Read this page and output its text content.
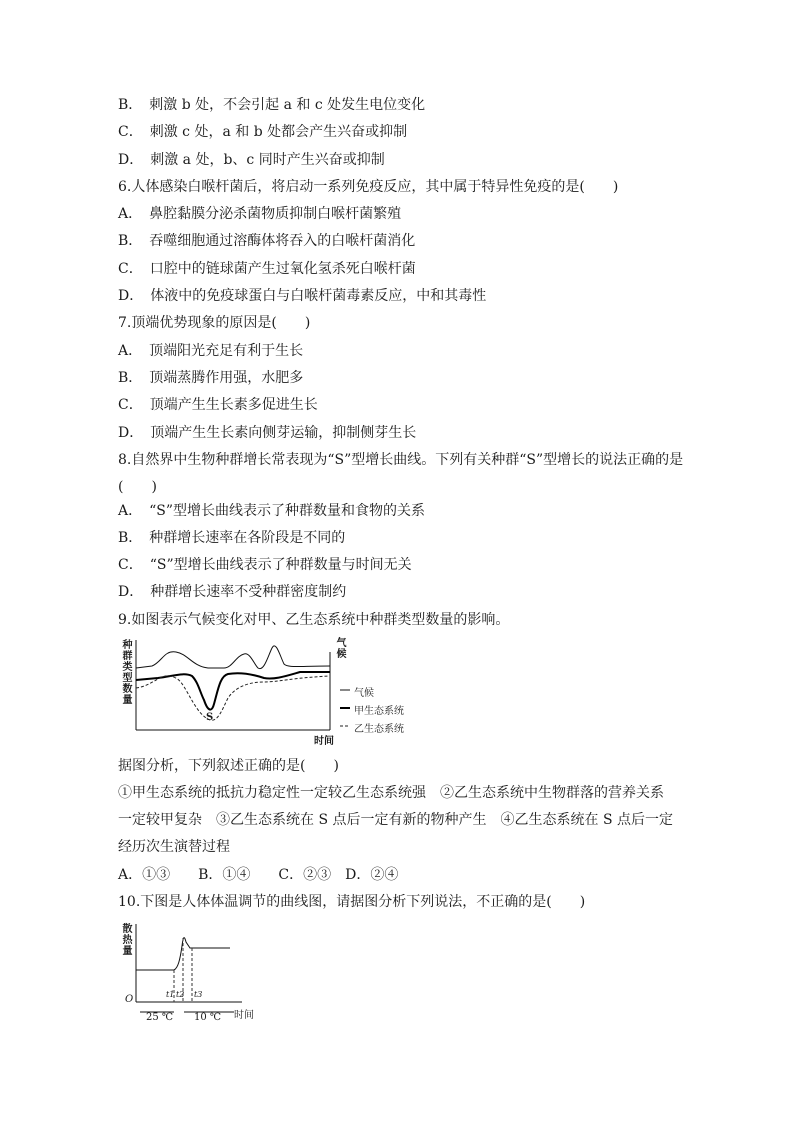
B．　刺激 b 处，不会引起 a 和 c 处发生电位变化
C．　刺激 c 处，a 和 b 处都会产生兴奋或抑制
D．　刺激 a 处，b、c 同时产生兴奋或抑制
6.人体感染白喉杆菌后，将启动一系列免疫反应，其中属于特异性免疫的是(　　)
A．　鼻腔黏膜分泌杀菌物质抑制白喉杆菌繁殖
B．　吞噬细胞通过溶酶体将吞入的白喉杆菌消化
C．　口腔中的链球菌产生过氧化氢杀死白喉杆菌
D．　体液中的免疫球蛋白与白喉杆菌毒素反应，中和其毒性
7.顶端优势现象的原因是(　　)
A．　顶端阳光充足有利于生长
B．　顶端蒸腾作用强，水肥多
C．　顶端产生生长素多促进生长
D．　顶端产生生长素向侧芽运输，抑制侧芽生长
8.自然界中生物种群增长常表现为“S”型增长曲线。下列有关种群“S”型增长的说法正确的是
(　　)
A．　“S”型增长曲线表示了种群数量和食物的关系
B．　种群增长速率在各阶段是不同的
C．　“S”型增长曲线表示了种群数量与时间无关
D．　种群增长速率不受种群密度制约
9.如图表示气候变化对甲、乙生态系统中种群类型数量的影响。
种群类型数量
气候
S
时间
气候
甲生态系统
乙生态系统
据图分析，下列叙述正确的是(　　)
①甲生态系统的抵抗力稳定性一定较乙生态系统强　②乙生态系统中生物群落的营养关系
一定较甲复杂　③乙生态系统在 S 点后一定有新的物种产生　④乙生态系统在 S 点后一定
经历次生演替过程
A．①③　　B．①④　　C．②③　D．②④
10.下图是人体体温调节的曲线图，请据图分析下列说法，不正确的是(　　)
散热量
O	t1 t2 t3
25 ℃ 10 ℃ 时间
